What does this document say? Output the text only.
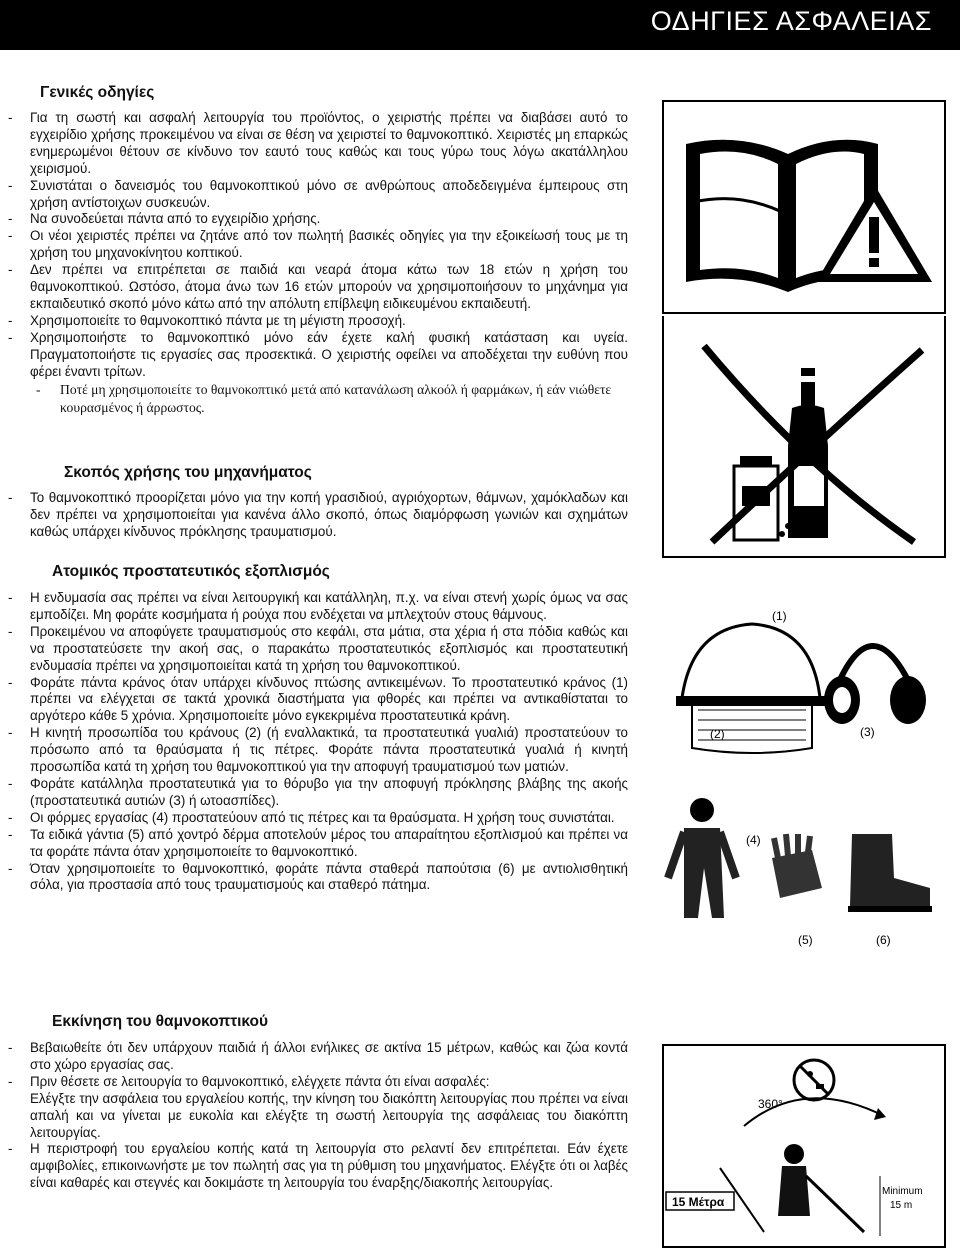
ΟΔΗΓΙΕΣ ΑΣΦΑΛΕΙΑΣ
Γενικές οδηγίες
- Για τη σωστή και ασφαλή λειτουργία του προϊόντος, ο χειριστής πρέπει να διαβάσει αυτό το εγχειρίδιο χρήσης προκειμένου να είναι σε θέση να χειριστεί το θαμνοκοπτικό. Χειριστές μη επαρκώς ενημερωμένοι θέτουν σε κίνδυνο τον εαυτό τους καθώς και τους γύρω τους λόγω ακατάλληλου χειρισμού.
- Συνιστάται ο δανεισμός του θαμνοκοπτικού μόνο σε ανθρώπους αποδεδειγμένα έμπειρους στη χρήση αντίστοιχων συσκευών.
- Να συνοδεύεται πάντα από το εγχειρίδιο χρήσης.
- Οι νέοι χειριστές πρέπει να ζητάνε από τον πωλητή βασικές οδηγίες για την εξοικείωσή τους με τη χρήση του μηχανοκίνητου κοπτικού.
- Δεν πρέπει να επιτρέπεται σε παιδιά και νεαρά άτομα κάτω των 18 ετών η χρήση του θαμνοκοπτικού. Ωστόσο, άτομα άνω των 16 ετών μπορούν να χρησιμοποιήσουν το μηχάνημα για εκπαιδευτικό σκοπό μόνο κάτω από την απόλυτη επίβλεψη ειδικευμένου εκπαιδευτή.
- Χρησιμοποιείτε το θαμνοκοπτικό πάντα με τη μέγιστη προσοχή.
- Χρησιμοποιήστε το θαμνοκοπτικό μόνο εάν έχετε καλή φυσική κατάσταση και υγεία. Πραγματοποιήστε τις εργασίες σας προσεκτικά. Ο χειριστής οφείλει να αποδέχεται την ευθύνη που φέρει έναντι τρίτων.
- Ποτέ μη χρησιμοποιείτε το θαμνοκοπτικό μετά από κατανάλωση αλκοόλ ή φαρμάκων, ή εάν νιώθετε κουρασμένος ή άρρωστος.
Σκοπός χρήσης του μηχανήματος
- Το θαμνοκοπτικό προορίζεται μόνο για την κοπή γρασιδιού, αγριόχορτων, θάμνων, χαμόκλαδων και δεν πρέπει να χρησιμοποιείται για κανένα άλλο σκοπό, όπως διαμόρφωση γωνιών και σχημάτων καθώς υπάρχει κίνδυνος πρόκλησης τραυματισμού.
Ατομικός προστατευτικός εξοπλισμός
- Η ενδυμασία σας πρέπει να είναι λειτουργική και κατάλληλη, π.χ. να είναι στενή χωρίς όμως να σας εμποδίζει. Μη φοράτε κοσμήματα ή ρούχα που ενδέχεται να μπλεχτούν στους θάμνους.
- Προκειμένου να αποφύγετε τραυματισμούς στο κεφάλι, στα μάτια, στα χέρια ή στα πόδια καθώς και να προστατεύσετε την ακοή σας, ο παρακάτω προστατευτικός εξοπλισμός και προστατευτική ενδυμασία πρέπει να χρησιμοποιείται κατά τη χρήση του θαμνοκοπτικού.
- Φοράτε πάντα κράνος όταν υπάρχει κίνδυνος πτώσης αντικειμένων. Το προστατευτικό κράνος (1) πρέπει να ελέγχεται σε τακτά χρονικά διαστήματα για φθορές και πρέπει να αντικαθίσταται το αργότερο κάθε 5 χρόνια. Χρησιμοποιείτε μόνο εγκεκριμένα προστατευτικά κράνη.
- Η κινητή προσωπίδα του κράνους (2) (ή εναλλακτικά, τα προστατευτικά γυαλιά) προστατεύουν το πρόσωπο από τα θραύσματα ή τις πέτρες. Φοράτε πάντα προστατευτικά γυαλιά ή κινητή προσωπίδα κατά τη χρήση του θαμνοκοπτικού για την αποφυγή τραυματισμού των ματιών.
- Φοράτε κατάλληλα προστατευτικά για το θόρυβο για την αποφυγή πρόκλησης βλάβης της ακοής (προστατευτικά αυτιών (3) ή ωτοασπίδες).
- Οι φόρμες εργασίας (4) προστατεύουν από τις πέτρες και τα θραύσματα. Η χρήση τους συνιστάται.
- Τα ειδικά γάντια (5) από χοντρό δέρμα αποτελούν μέρος του απαραίτητου εξοπλισμού και πρέπει να τα φοράτε πάντα όταν χρησιμοποιείτε το θαμνοκοπτικό.
- Όταν χρησιμοποιείτε το θαμνοκοπτικό, φοράτε πάντα σταθερά παπούτσια (6) με αντιολισθητική σόλα, για προστασία από τους τραυματισμούς και σταθερό πάτημα.
Εκκίνηση του θαμνοκοπτικού
- Βεβαιωθείτε ότι δεν υπάρχουν παιδιά ή άλλοι ενήλικες σε ακτίνα 15 μέτρων, καθώς και ζώα κοντά στο χώρο εργασίας σας.
- Πριν θέσετε σε λειτουργία το θαμνοκοπτικό, ελέγχετε πάντα ότι είναι ασφαλές:
Ελέγξτε την ασφάλεια του εργαλείου κοπής, την κίνηση του διακόπτη λειτουργίας που πρέπει να είναι απαλή και να γίνεται με ευκολία και ελέγξτε τη σωστή λειτουργία της ασφάλειας του διακόπτη λειτουργίας.
- Η περιστροφή του εργαλείου κοπής κατά τη λειτουργία στο ρελαντί δεν επιτρέπεται. Εάν έχετε αμφιβολίες, επικοινωνήστε με τον πωλητή σας για τη ρύθμιση του μηχανήματος. Ελέγξτε ότι οι λαβές είναι καθαρές και στεγνές και δοκιμάστε τη λειτουργία του έναρξης/διακοπής λειτουργίας.
(1)
(2)	(3)
(4)
(5)	(6)
360°
15 Μέτρα
Minimum
15 m
